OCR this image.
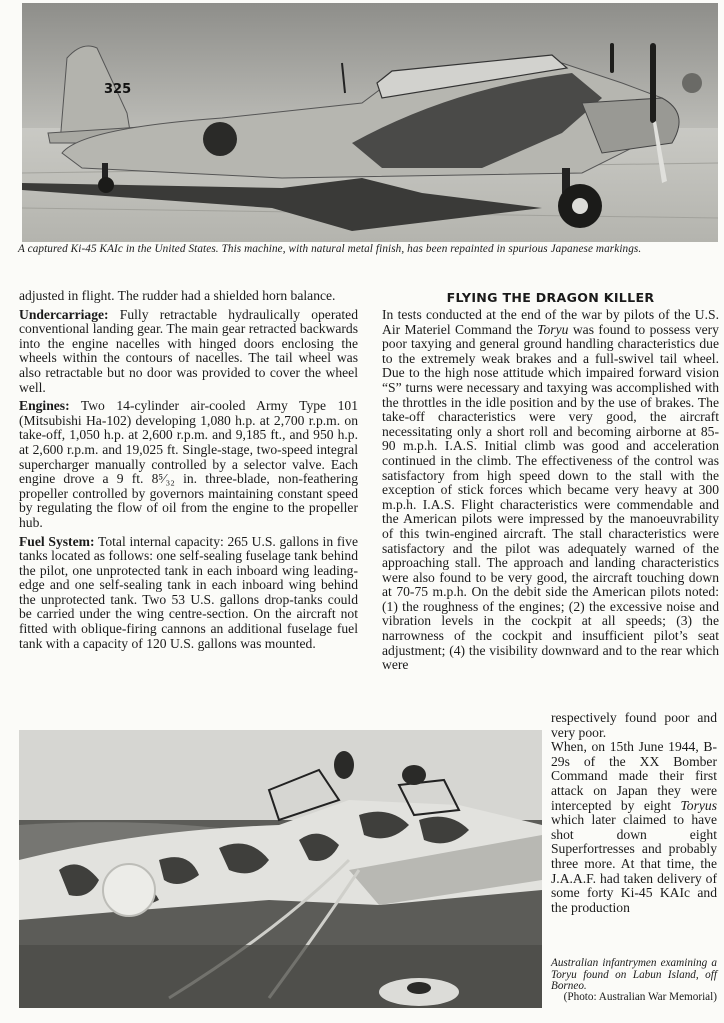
325
A captured Ki-45 KAIc in the United States. This machine, with natural metal finish, has been repainted in spurious Japanese markings.

adjusted in flight. The rudder had a shielded horn balance.

Undercarriage: Fully retractable hydraulically operated conventional landing gear. The main gear retracted backwards into the engine nacelles with hinged doors enclosing the wheels within the contours of nacelles. The tail wheel was also retractable but no door was provided to cover the wheel well.

Engines: Two 14-cylinder air-cooled Army Type 101 (Mitsubishi Ha-102) developing 1,080 h.p. at 2,700 r.p.m. on take-off, 1,050 h.p. at 2,600 r.p.m. and 9,185 ft., and 950 h.p. at 2,600 r.p.m. and 19,025 ft. Single-stage, two-speed integral supercharger manually controlled by a selector valve. Each engine drove a 9 ft. 8⁵⁄₃₂ in. three-blade, non-feathering propeller controlled by governors maintaining constant speed by regulating the flow of oil from the engine to the propeller hub.

Fuel System: Total internal capacity: 265 U.S. gallons in five tanks located as follows: one self-sealing fuselage tank behind the pilot, one unprotected tank in each inboard wing leading-edge and one self-sealing tank in each inboard wing behind the unprotected tank. Two 53 U.S. gallons drop-tanks could be carried under the wing centre-section. On the aircraft not fitted with oblique-firing cannons an additional fuselage fuel tank with a capacity of 120 U.S. gallons was mounted.

FLYING THE DRAGON KILLER

In tests conducted at the end of the war by pilots of the U.S. Air Materiel Command the Toryu was found to possess very poor taxying and general ground handling characteristics due to the extremely weak brakes and a full-swivel tail wheel. Due to the high nose attitude which impaired forward vision “S” turns were necessary and taxying was accomplished with the throttles in the idle position and by the use of brakes. The take-off characteristics were very good, the aircraft necessitating only a short roll and becoming airborne at 85-90 m.p.h. I.A.S. Initial climb was good and acceleration continued in the climb. The effectiveness of the control was satisfactory from high speed down to the stall with the exception of stick forces which became very heavy at 300 m.p.h. I.A.S. Flight characteristics were commendable and the American pilots were impressed by the manoeuvrability of this twin-engined aircraft. The stall characteristics were satisfactory and the pilot was adequately warned of the approaching stall. The approach and landing characteristics were also found to be very good, the aircraft touching down at 70-75 m.p.h. On the debit side the American pilots noted: (1) the roughness of the engines; (2) the excessive noise and vibration levels in the cockpit at all speeds; (3) the narrowness of the cockpit and insufficient pilot’s seat adjustment; (4) the visibility downward and to the rear which were

respectively found poor and very poor.

When, on 15th June 1944, B-29s of the XX Bomber Command made their first attack on Japan they were intercepted by eight Toryus which later claimed to have shot down eight Superfortresses and probably three more. At that time, the J.A.A.F. had taken delivery of some forty Ki-45 KAIc and the production

Australian infantrymen examining a Toryu found on Labun Island, off Borneo.
(Photo: Australian War Memorial)
